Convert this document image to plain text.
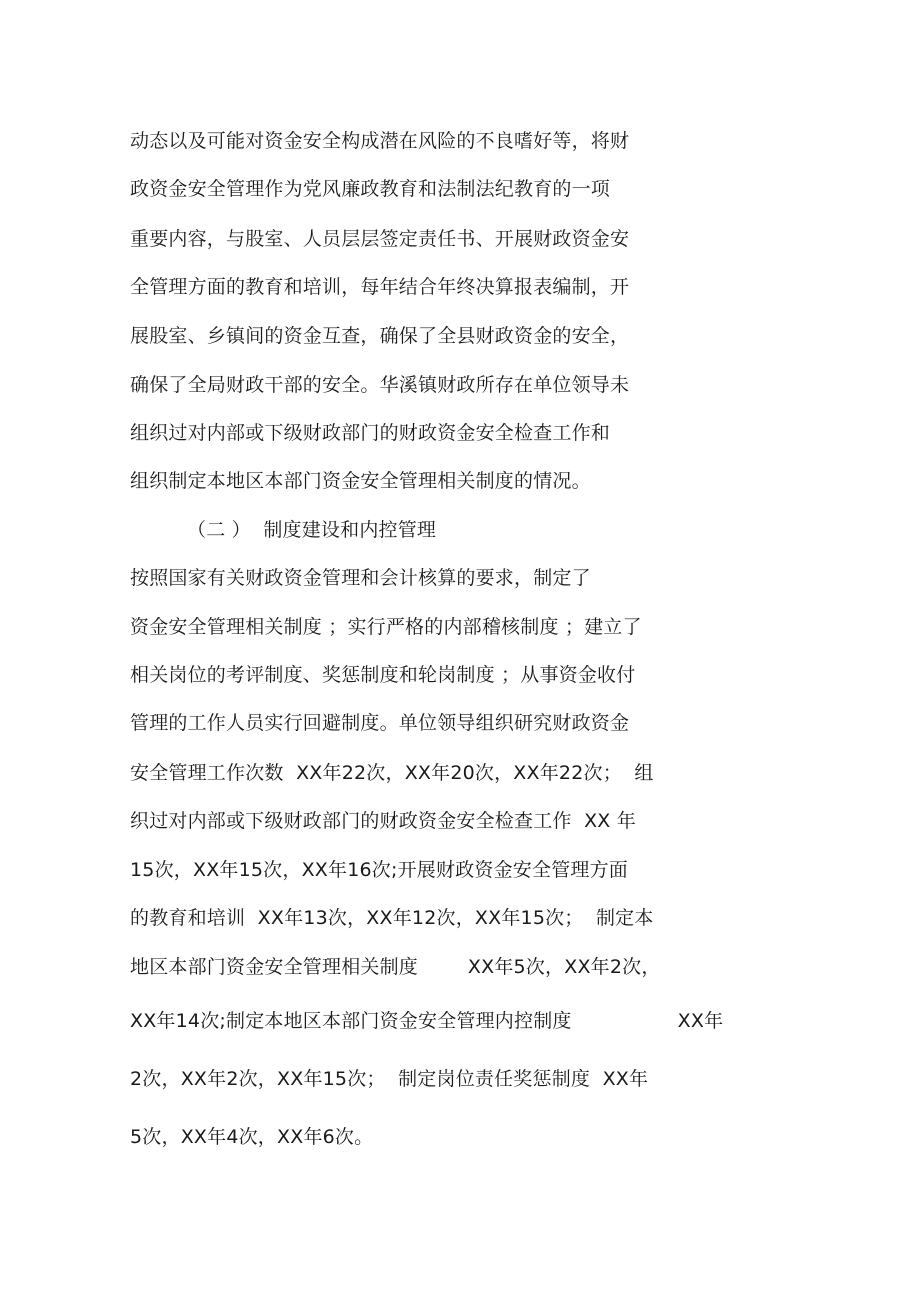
动态以及可能对资金安全构成潜在风险的不良嗜好等，将财
政资金安全管理作为党风廉政教育和法制法纪教育的一项
重要内容，与股室、人员层层签定责任书、开展财政资金安
全管理方面的教育和培训，每年结合年终决算报表编制，开
展股室、乡镇间的资金互查，确保了全县财政资金的安全，
确保了全局财政干部的安全。华溪镇财政所存在单位领导未
组织过对内部或下级财政部门的财政资金安全检查工作和
组织制定本地区本部门资金安全管理相关制度的情况。
（二 ）  制度建设和内控管理
按照国家有关财政资金管理和会计核算的要求，制定了
资金安全管理相关制度 ；实行严格的内部稽核制度 ；建立了
相关岗位的考评制度、奖惩制度和轮岗制度 ；从事资金收付
管理的工作人员实行回避制度。单位领导组织研究财政资金
安全管理工作次数  XX年22次，XX年20次，XX年22次；  组
织过对内部或下级财政部门的财政资金安全检查工作  XX 年
15次，XX年15次，XX年16次;开展财政资金安全管理方面
的教育和培训  XX年13次，XX年12次，XX年15次；  制定本
地区本部门资金安全管理相关制度        XX年5次，XX年2次，
XX年14次;制定本地区本部门资金安全管理内控制度                 XX年
2次，XX年2次，XX年15次；  制定岗位责任奖惩制度  XX年
5次，XX年4次，XX年6次。
